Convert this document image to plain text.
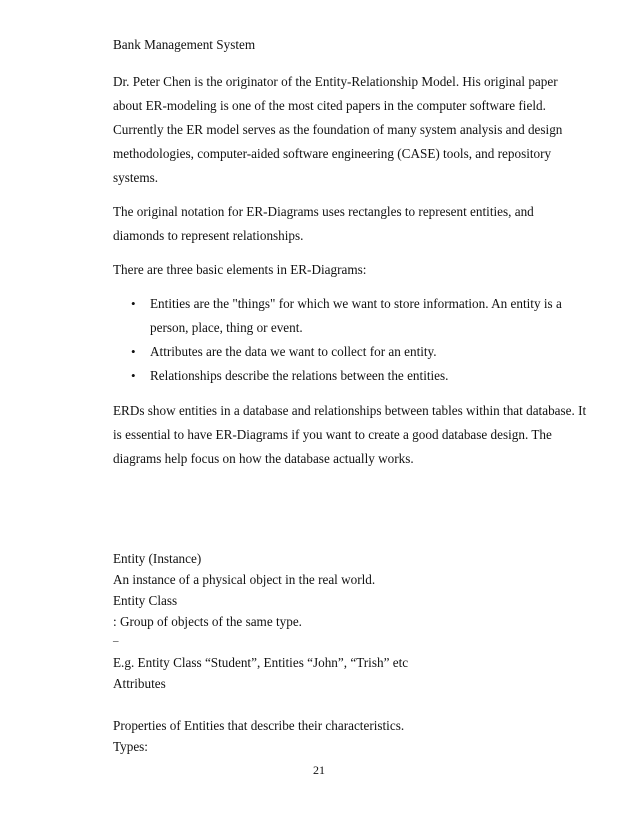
Bank Management System
Dr. Peter Chen is the originator of the Entity-Relationship Model. His original paper
about ER-modeling is one of the most cited papers in the computer software field.
Currently the ER model serves as the foundation of many system analysis and design
methodologies, computer-aided software engineering (CASE) tools, and repository
systems.
The original notation for ER-Diagrams uses rectangles to represent entities, and
diamonds to represent relationships.
There are three basic elements in ER-Diagrams:
• Entities are the "things" for which we want to store information. An entity is a
person, place, thing or event.
• Attributes are the data we want to collect for an entity.
• Relationships describe the relations between the entities.
ERDs show entities in a database and relationships between tables within that database. It
is essential to have ER-Diagrams if you want to create a good database design. The
diagrams help focus on how the database actually works.
Entity (Instance)
An instance of a physical object in the real world.
Entity Class
: Group of objects of the same type.
–
E.g. Entity Class “Student”, Entities “John”, “Trish” etc
Attributes
Properties of Entities that describe their characteristics.
Types:
21
